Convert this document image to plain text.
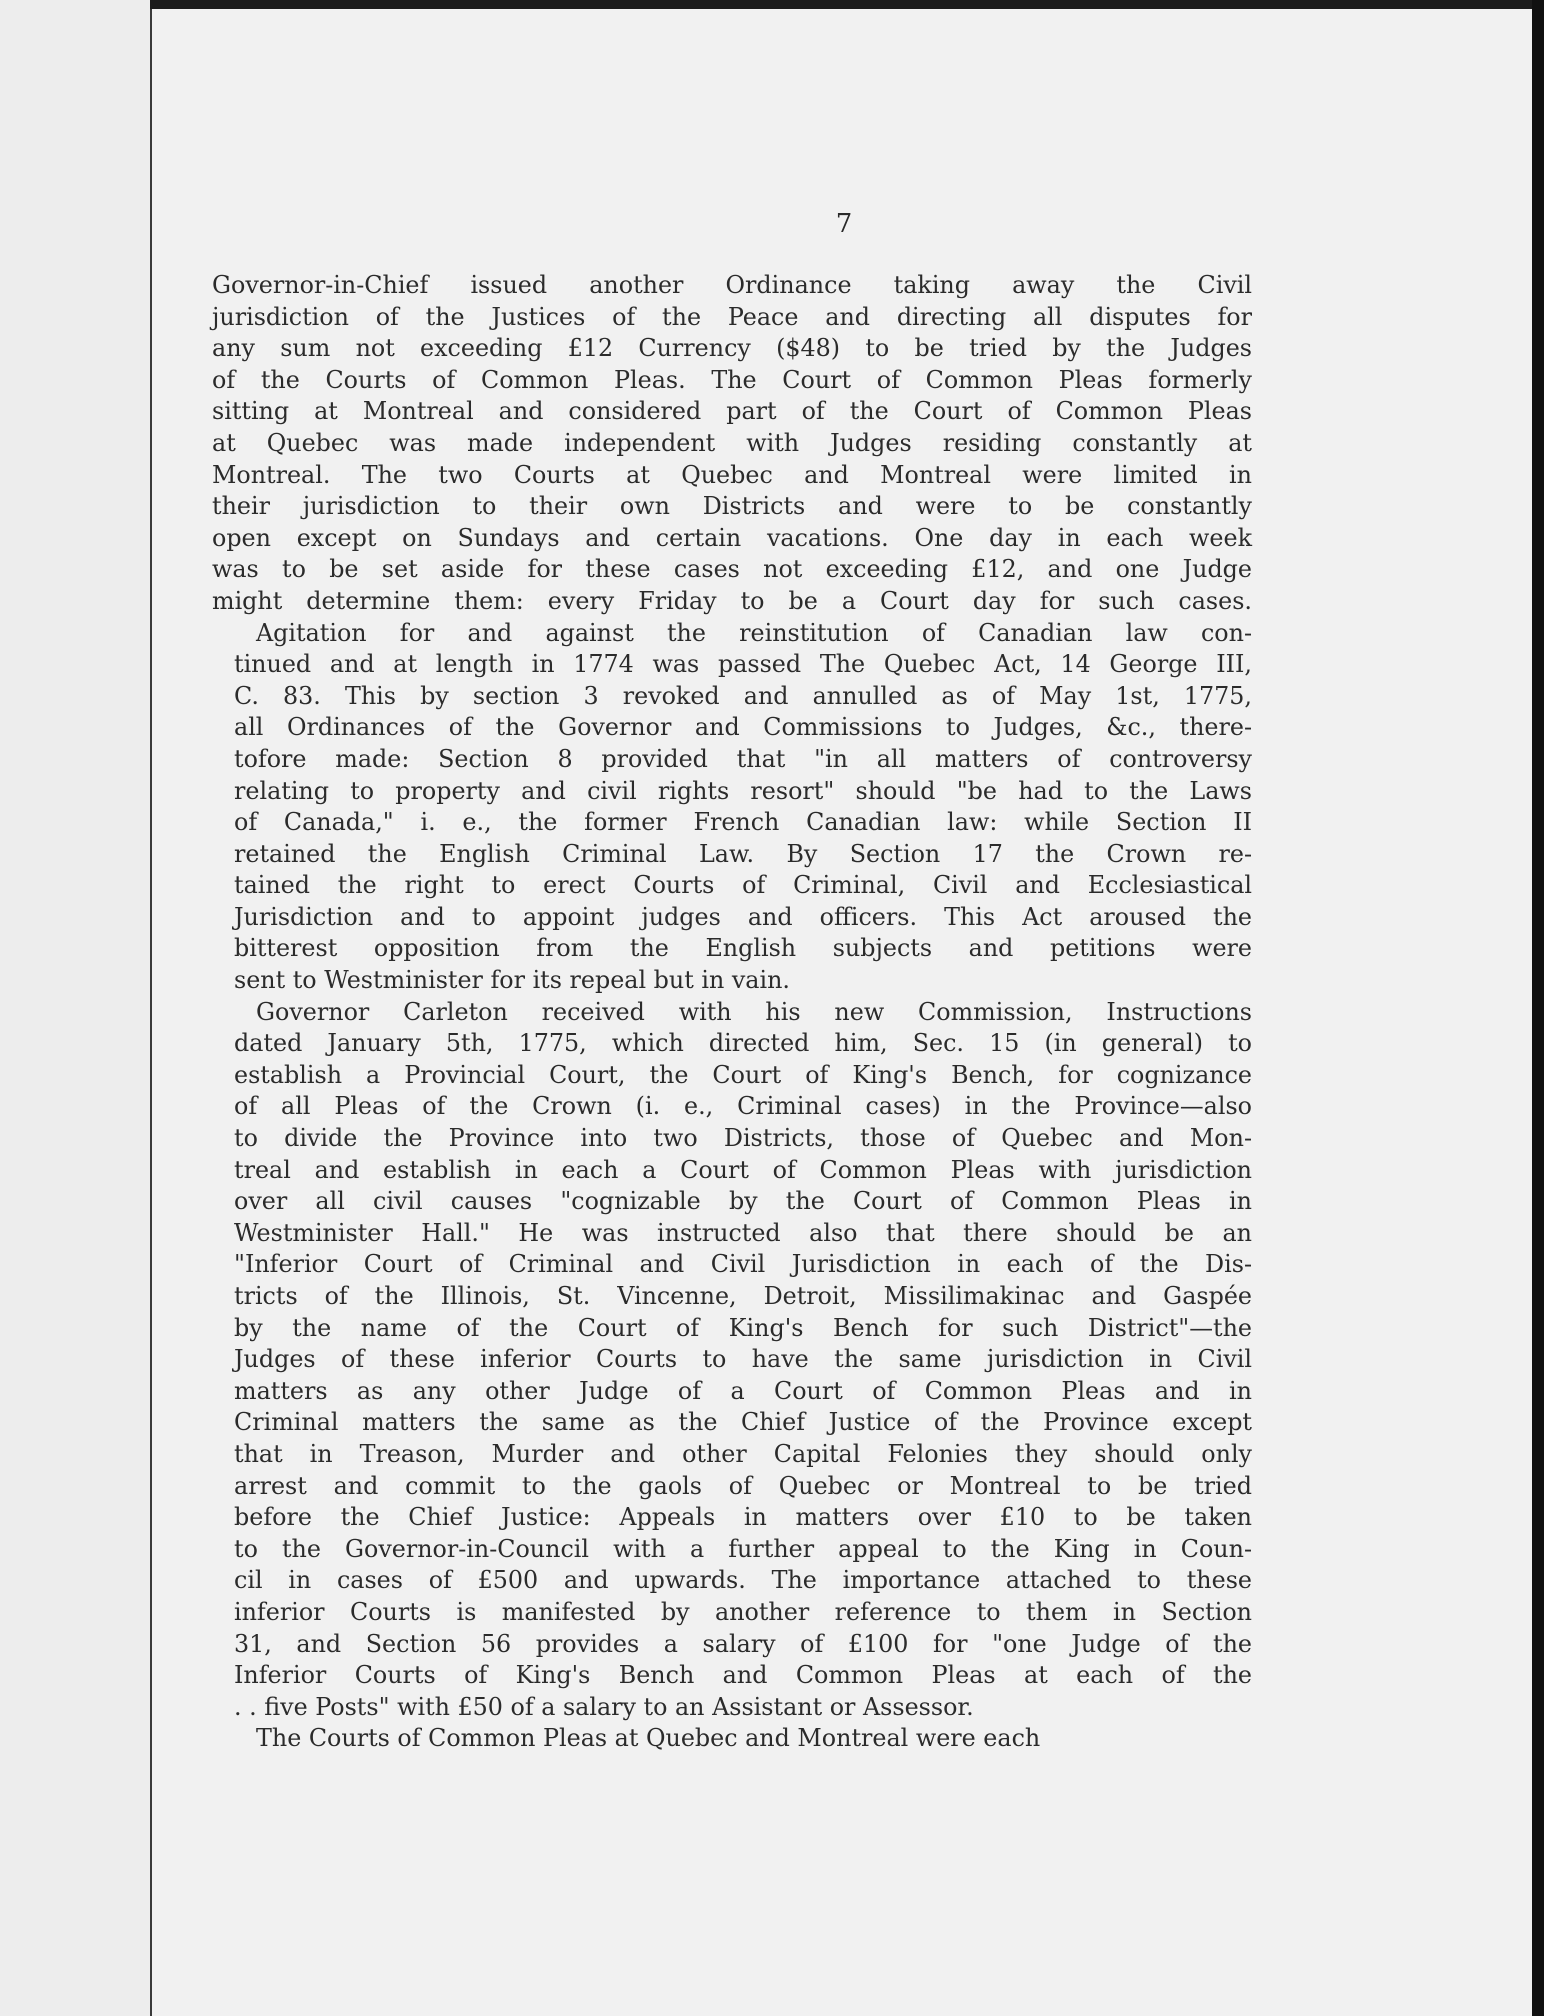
7
Governor-in-Chief issued another Ordinance taking away the Civil
jurisdiction of the Justices of the Peace and directing all disputes for
any sum not exceeding £12 Currency ($48) to be tried by the Judges
of the Courts of Common Pleas. The Court of Common Pleas formerly
sitting at Montreal and considered part of the Court of Common Pleas
at Quebec was made independent with Judges residing constantly at
Montreal. The two Courts at Quebec and Montreal were limited in
their jurisdiction to their own Districts and were to be constantly
open except on Sundays and certain vacations. One day in each week
was to be set aside for these cases not exceeding £12, and one Judge
might determine them: every Friday to be a Court day for such cases.
Agitation for and against the reinstitution of Canadian law con-
tinued and at length in 1774 was passed The Quebec Act, 14 George III,
C. 83. This by section 3 revoked and annulled as of May 1st, 1775,
all Ordinances of the Governor and Commissions to Judges, &c., there-
tofore made: Section 8 provided that "in all matters of controversy
relating to property and civil rights resort" should "be had to the Laws
of Canada," i. e., the former French Canadian law: while Section II
retained the English Criminal Law. By Section 17 the Crown re-
tained the right to erect Courts of Criminal, Civil and Ecclesiastical
Jurisdiction and to appoint judges and officers. This Act aroused the
bitterest opposition from the English subjects and petitions were
sent to Westminister for its repeal but in vain.
Governor Carleton received with his new Commission, Instructions
dated January 5th, 1775, which directed him, Sec. 15 (in general) to
establish a Provincial Court, the Court of King's Bench, for cognizance
of all Pleas of the Crown (i. e., Criminal cases) in the Province—also
to divide the Province into two Districts, those of Quebec and Mon-
treal and establish in each a Court of Common Pleas with jurisdiction
over all civil causes "cognizable by the Court of Common Pleas in
Westminister Hall." He was instructed also that there should be an
"Inferior Court of Criminal and Civil Jurisdiction in each of the Dis-
tricts of the Illinois, St. Vincenne, Detroit, Missilimakinac and Gaspée
by the name of the Court of King's Bench for such District"—the
Judges of these inferior Courts to have the same jurisdiction in Civil
matters as any other Judge of a Court of Common Pleas and in
Criminal matters the same as the Chief Justice of the Province except
that in Treason, Murder and other Capital Felonies they should only
arrest and commit to the gaols of Quebec or Montreal to be tried
before the Chief Justice: Appeals in matters over £10 to be taken
to the Governor-in-Council with a further appeal to the King in Coun-
cil in cases of £500 and upwards. The importance attached to these
inferior Courts is manifested by another reference to them in Section
31, and Section 56 provides a salary of £100 for "one Judge of the
Inferior Courts of King's Bench and Common Pleas at each of the
. . five Posts" with £50 of a salary to an Assistant or Assessor.
The Courts of Common Pleas at Quebec and Montreal were each
